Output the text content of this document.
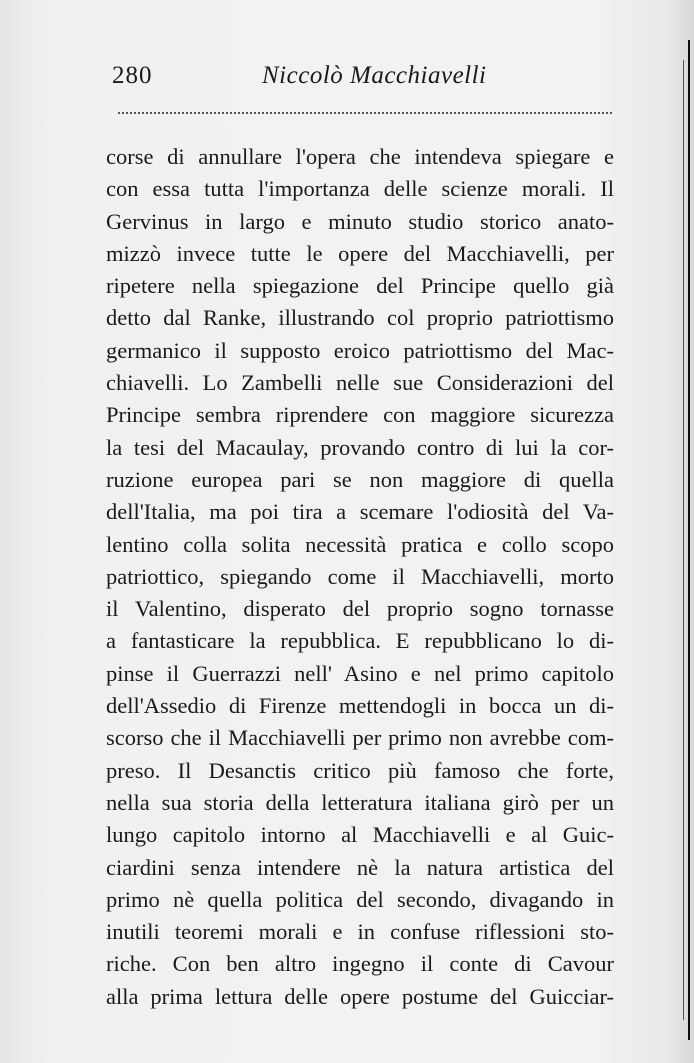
280	Niccolò Macchiavelli
corse di annullare l'opera che intendeva spiegare e
con essa tutta l'importanza delle scienze morali. Il
Gervinus in largo e minuto studio storico anato-
mizzò invece tutte le opere del Macchiavelli, per
ripetere nella spiegazione del Principe quello già
detto dal Ranke, illustrando col proprio patriottismo
germanico il supposto eroico patriottismo del Mac-
chiavelli. Lo Zambelli nelle sue Considerazioni del
Principe sembra riprendere con maggiore sicurezza
la tesi del Macaulay, provando contro di lui la cor-
ruzione europea pari se non maggiore di quella
dell'Italia, ma poi tira a scemare l'odiosità del Va-
lentino colla solita necessità pratica e collo scopo
patriottico, spiegando come il Macchiavelli, morto
il Valentino, disperato del proprio sogno tornasse
a fantasticare la repubblica. E repubblicano lo di-
pinse il Guerrazzi nell' Asino e nel primo capitolo
dell'Assedio di Firenze mettendogli in bocca un di-
scorso che il Macchiavelli per primo non avrebbe com-
preso. Il Desanctis critico più famoso che forte,
nella sua storia della letteratura italiana girò per un
lungo capitolo intorno al Macchiavelli e al Guic-
ciardini senza intendere nè la natura artistica del
primo nè quella politica del secondo, divagando in
inutili teoremi morali e in confuse riflessioni sto-
riche. Con ben altro ingegno il conte di Cavour
alla prima lettura delle opere postume del Guicciar-
